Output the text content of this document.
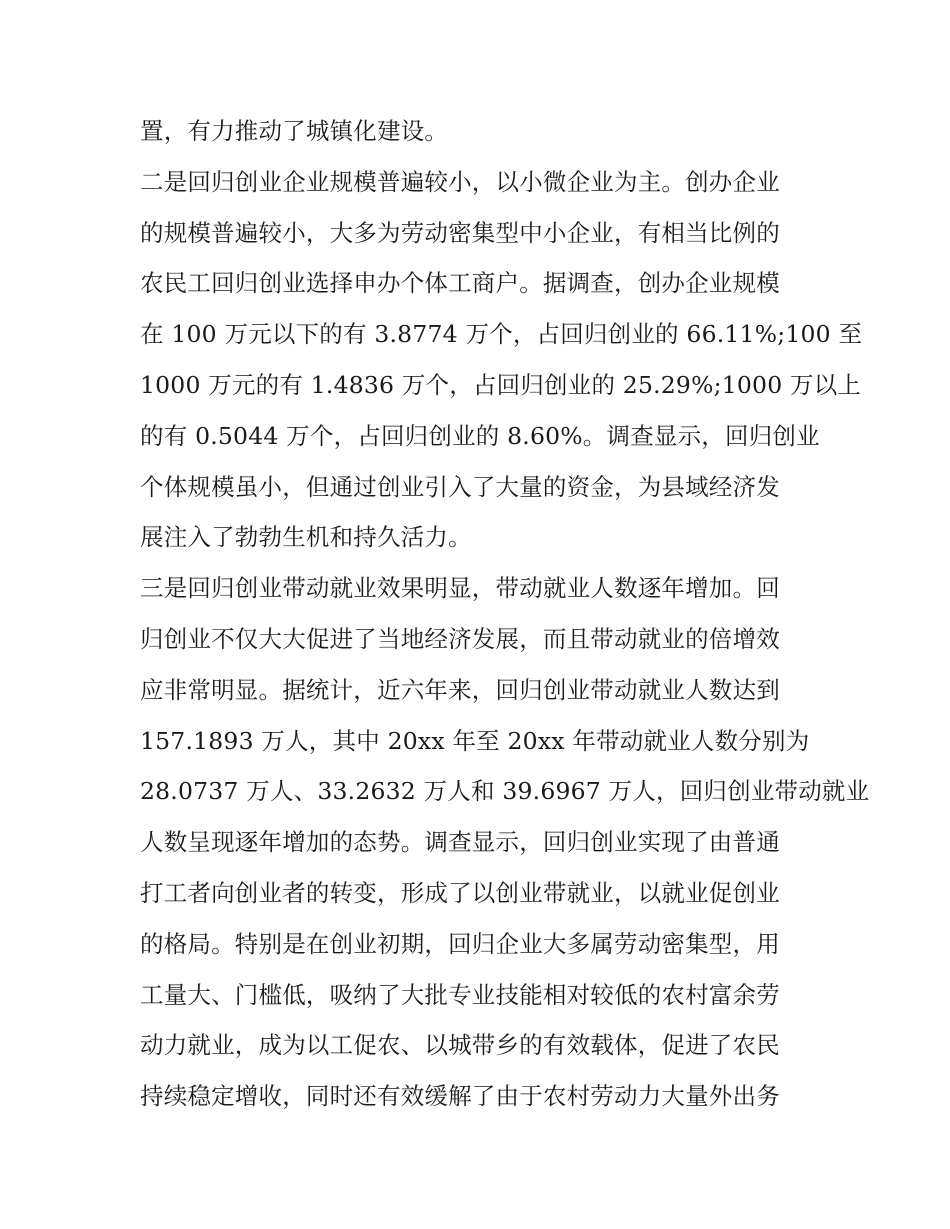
置，有力推动了城镇化建设。
二是回归创业企业规模普遍较小，以小微企业为主。创办企业
的规模普遍较小，大多为劳动密集型中小企业，有相当比例的
农民工回归创业选择申办个体工商户。据调查，创办企业规模
在 100 万元以下的有 3.8774 万个，占回归创业的 66.11%;100 至
1000 万元的有 1.4836 万个，占回归创业的 25.29%;1000 万以上
的有 0.5044 万个，占回归创业的 8.60%。调查显示，回归创业
个体规模虽小，但通过创业引入了大量的资金，为县域经济发
展注入了勃勃生机和持久活力。
三是回归创业带动就业效果明显，带动就业人数逐年增加。回
归创业不仅大大促进了当地经济发展，而且带动就业的倍增效
应非常明显。据统计，近六年来，回归创业带动就业人数达到
157.1893 万人，其中 20xx 年至 20xx 年带动就业人数分别为
28.0737 万人、33.2632 万人和 39.6967 万人，回归创业带动就业
人数呈现逐年增加的态势。调查显示，回归创业实现了由普通
打工者向创业者的转变，形成了以创业带就业，以就业促创业
的格局。特别是在创业初期，回归企业大多属劳动密集型，用
工量大、门槛低，吸纳了大批专业技能相对较低的农村富余劳
动力就业，成为以工促农、以城带乡的有效载体，促进了农民
持续稳定增收，同时还有效缓解了由于农村劳动力大量外出务
